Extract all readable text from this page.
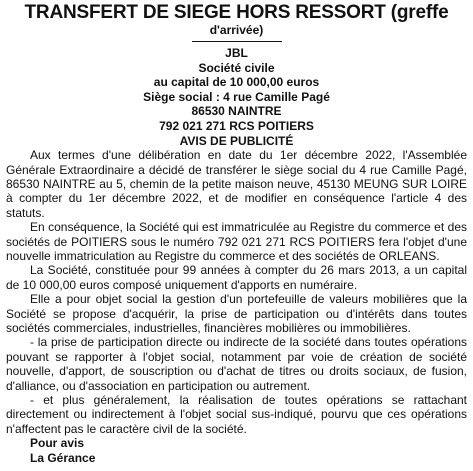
TRANSFERT DE SIEGE HORS RESSORT (greffe
d'arrivée)
JBL
Société civile
au capital de 10 000,00 euros
Siège social : 4 rue Camille Pagé
86530 NAINTRE
792 021 271 RCS POITIERS
AVIS DE PUBLICITÉ

Aux termes d'une délibération en date du 1er décembre 2022, l'Assemblée Générale Extraordinaire a décidé de transférer le siège social du 4 rue Camille Pagé, 86530 NAINTRE au 5, chemin de la petite maison neuve, 45130 MEUNG SUR LOIRE à compter du 1er décembre 2022, et de modifier en conséquence l'article 4 des statuts.

En conséquence, la Société qui est immatriculée au Registre du commerce et des sociétés de POITIERS sous le numéro 792 021 271 RCS POITIERS fera l'objet d'une nouvelle immatriculation au Registre du commerce et des sociétés de ORLEANS.

La Société, constituée pour 99 années à compter du 26 mars 2013, a un capital de 10 000,00 euros composé uniquement d'apports en numéraire.

Elle a pour objet social la gestion d'un portefeuille de valeurs mobilières que la Société se propose d'acquérir, la prise de participation ou d'intérêts dans toutes sociétés commerciales, industrielles, financières mobilières ou immobilières.

- la prise de participation directe ou indirecte de la société dans toutes opérations pouvant se rapporter à l'objet social, notamment par voie de création de société nouvelle, d'apport, de souscription ou d'achat de titres ou droits sociaux, de fusion, d'alliance, ou d'association en participation ou autrement.

- et plus généralement, la réalisation de toutes opérations se rattachant directement ou indirectement à l'objet social sus-indiqué, pourvu que ces opérations n'affectent pas le caractère civil de la société.

Pour avis
La Gérance
